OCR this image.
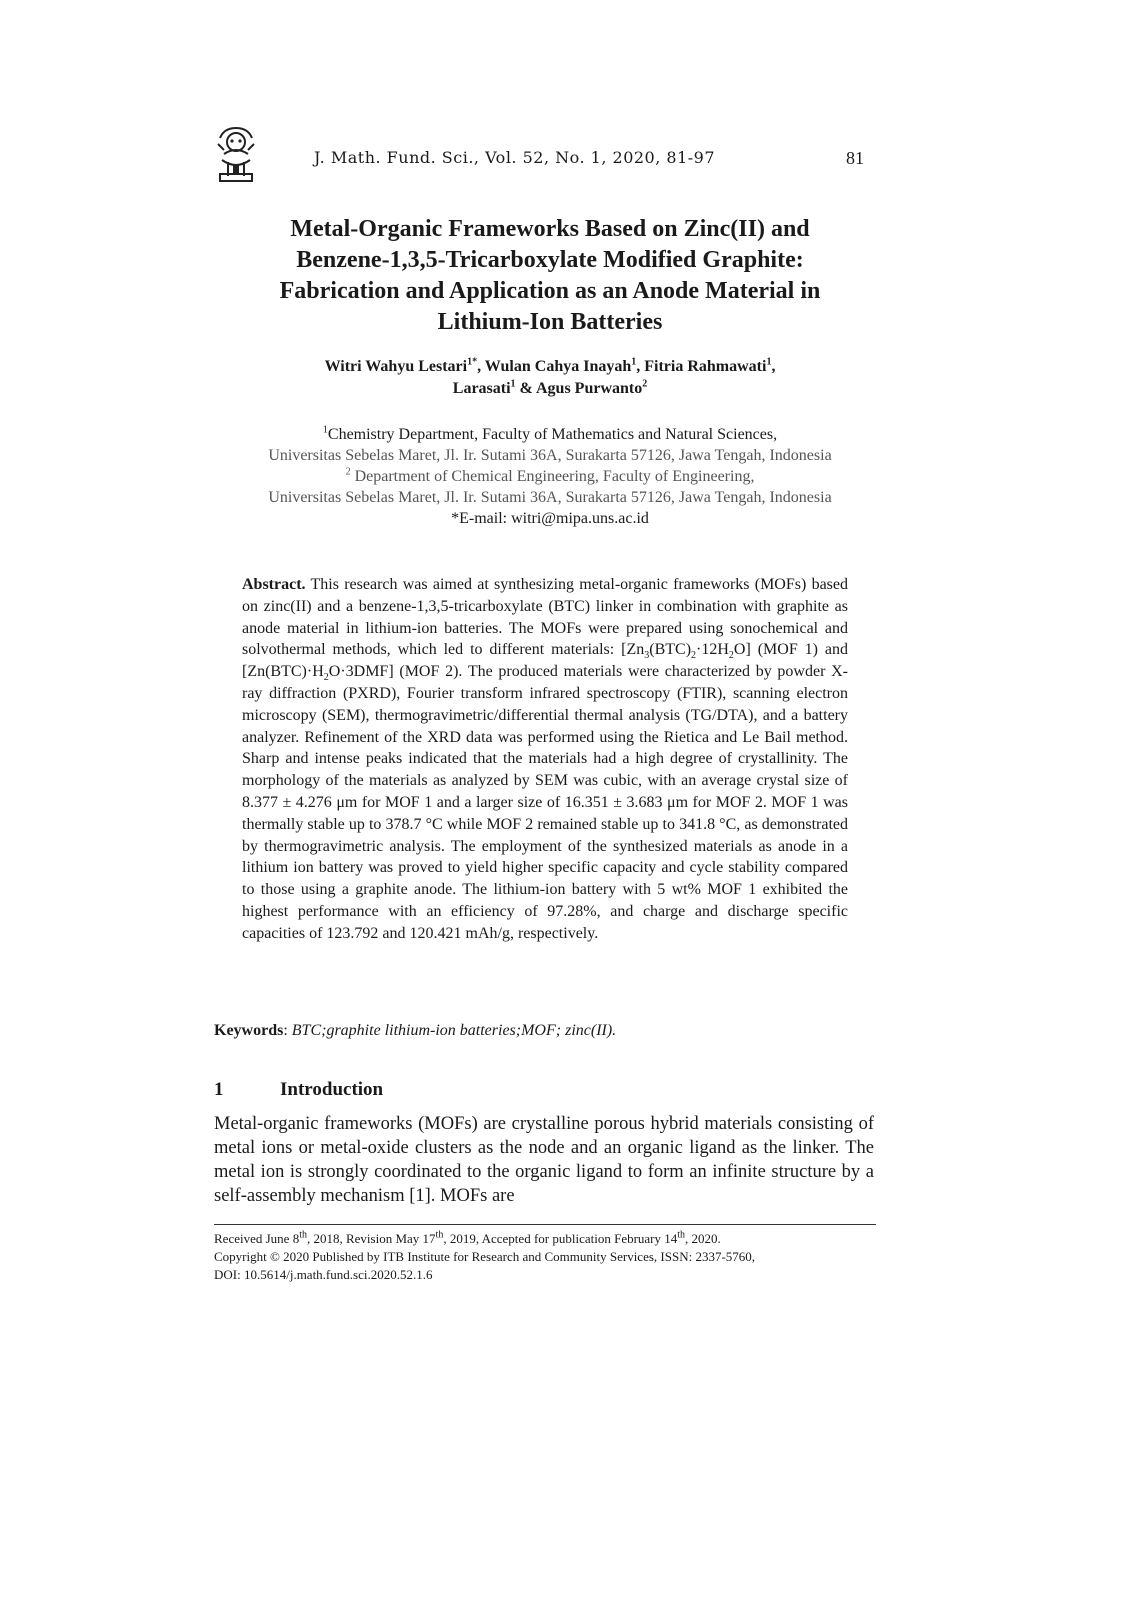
J. Math. Fund. Sci., Vol. 52, No. 1, 2020, 81-97	81
Metal-Organic Frameworks Based on Zinc(II) and
Benzene-1,3,5-Tricarboxylate Modified Graphite:
Fabrication and Application as an Anode Material in
Lithium-Ion Batteries
Witri Wahyu Lestari$^{1*}$, Wulan Cahya Inayah$^1$, Fitria Rahmawati$^1$,
Larasati$^1$ & Agus Purwanto$^2$
$^1$Chemistry Department, Faculty of Mathematics and Natural Sciences,
Universitas Sebelas Maret, Jl. Ir. Sutami 36A, Surakarta 57126, Jawa Tengah, Indonesia
$^2$ Department of Chemical Engineering, Faculty of Engineering,
Universitas Sebelas Maret, Jl. Ir. Sutami 36A, Surakarta 57126, Jawa Tengah, Indonesia
*E-mail: witri@mipa.uns.ac.id
Abstract. This research was aimed at synthesizing metal-organic frameworks (MOFs) based on zinc(II) and a benzene-1,3,5-tricarboxylate (BTC) linker in combination with graphite as anode material in lithium-ion batteries. The MOFs were prepared using sonochemical and solvothermal methods, which led to different materials: $[Zn_3(BTC)_2\cdot 12H_2O]$ (MOF 1) and $[Zn(BTC)\cdot H_2O\cdot 3DMF]$ (MOF 2). The produced materials were characterized by powder X-ray diffraction (PXRD), Fourier transform infrared spectroscopy (FTIR), scanning electron microscopy (SEM), thermogravimetric/differential thermal analysis (TG/DTA), and a battery analyzer. Refinement of the XRD data was performed using the Rietica and Le Bail method. Sharp and intense peaks indicated that the materials had a high degree of crystallinity. The morphology of the materials as analyzed by SEM was cubic, with an average crystal size of 8.377 ± 4.276 μm for MOF 1 and a larger size of 16.351 ± 3.683 μm for MOF 2. MOF 1 was thermally stable up to 378.7 °C while MOF 2 remained stable up to 341.8 °C, as demonstrated by thermogravimetric analysis. The employment of the synthesized materials as anode in a lithium ion battery was proved to yield higher specific capacity and cycle stability compared to those using a graphite anode. The lithium-ion battery with 5 wt% MOF 1 exhibited the highest performance with an efficiency of 97.28%, and charge and discharge specific capacities of 123.792 and 120.421 mAh/g, respectively.
Keywords: BTC;graphite lithium-ion batteries;MOF; zinc(II).
1	Introduction
Metal-organic frameworks (MOFs) are crystalline porous hybrid materials consisting of metal ions or metal-oxide clusters as the node and an organic ligand as the linker. The metal ion is strongly coordinated to the organic ligand to form an infinite structure by a self-assembly mechanism [1]. MOFs are
Received June 8th, 2018, Revision May 17th, 2019, Accepted for publication February 14th, 2020.
Copyright © 2020 Published by ITB Institute for Research and Community Services, ISSN: 2337-5760,
DOI: 10.5614/j.math.fund.sci.2020.52.1.6
